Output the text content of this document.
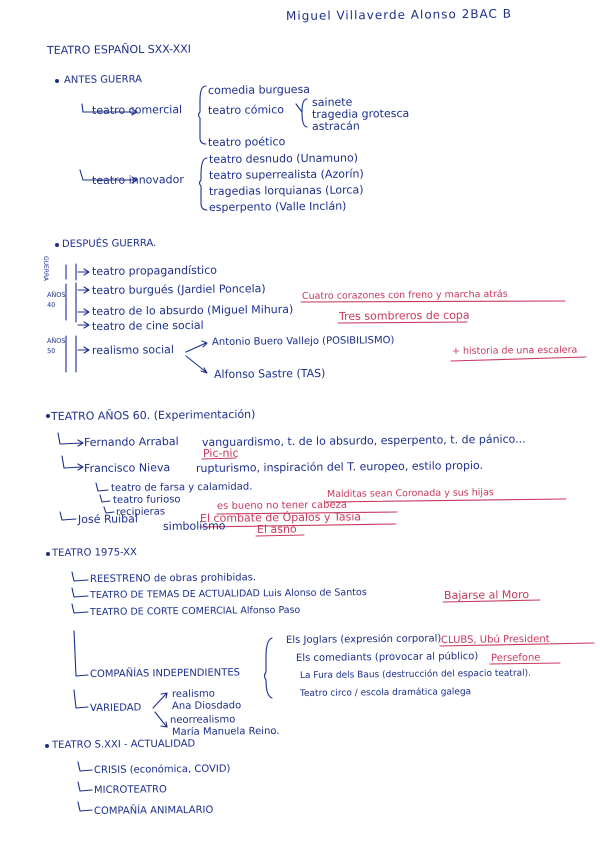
Miguel Villaverde Alonso 2BAC B
TEATRO ESPAÑOL SXX-XXI
ANTES GUERRA
teatro comercial
comedia burguesa
teatro cómico
sainete
tragedia grotesca
astracán
teatro poético
teatro innovador
teatro desnudo (Unamuno)
teatro superrealista (Azorín)
tragedias lorquianas (Lorca)
esperpento (Valle Inclán)
DESPUÉS GUERRA.
GUERRA
AÑOS 40
AÑOS 50
teatro propagandístico
teatro burgués (Jardiel Poncela)	Cuatro corazones con freno y marcha atrás
teatro de lo absurdo (Miguel Mihura)	Tres sombreros de copa
teatro de cine social
realismo social
Antonio Buero Vallejo (POSIBILISMO)
+ historia de una escalera
Alfonso Sastre (TAS)
TEATRO AÑOS 60. (Experimentación)
Fernando Arrabal vanguardismo, t. de lo absurdo, esperpento, t. de pánico...
Pic-nic
Francisco Nieva rupturismo, inspiración del T. europeo, estilo propio.
teatro de farsa y calamidad.	Malditas sean Coronada y sus hijas
teatro furioso	es bueno no tener cabeza
recipieras	El combate de Ópalos y Tasia
José Ruibal
simbolismo	El asno
TEATRO 1975-XX
REESTRENO de obras prohibidas.
TEATRO DE TEMAS DE ACTUALIDAD Luis Alonso de Santos	Bajarse al Moro
TEATRO DE CORTE COMERCIAL Alfonso Paso
COMPAÑÍAS INDEPENDIENTES
Els Joglars (expresión corporal) CLUBS, Ubú President
Els comediants (provocar al público) Persefone
La Fura dels Baus (destrucción del espacio teatral).
Teatro circo / escola dramática galega
VARIEDAD
realismo
Ana Diosdado
neorrealismo
María Manuela Reino.
TEATRO S.XXI - ACTUALIDAD
CRISIS (económica, COVID)
MICROTEATRO
COMPAÑÍA ANIMALARIO
